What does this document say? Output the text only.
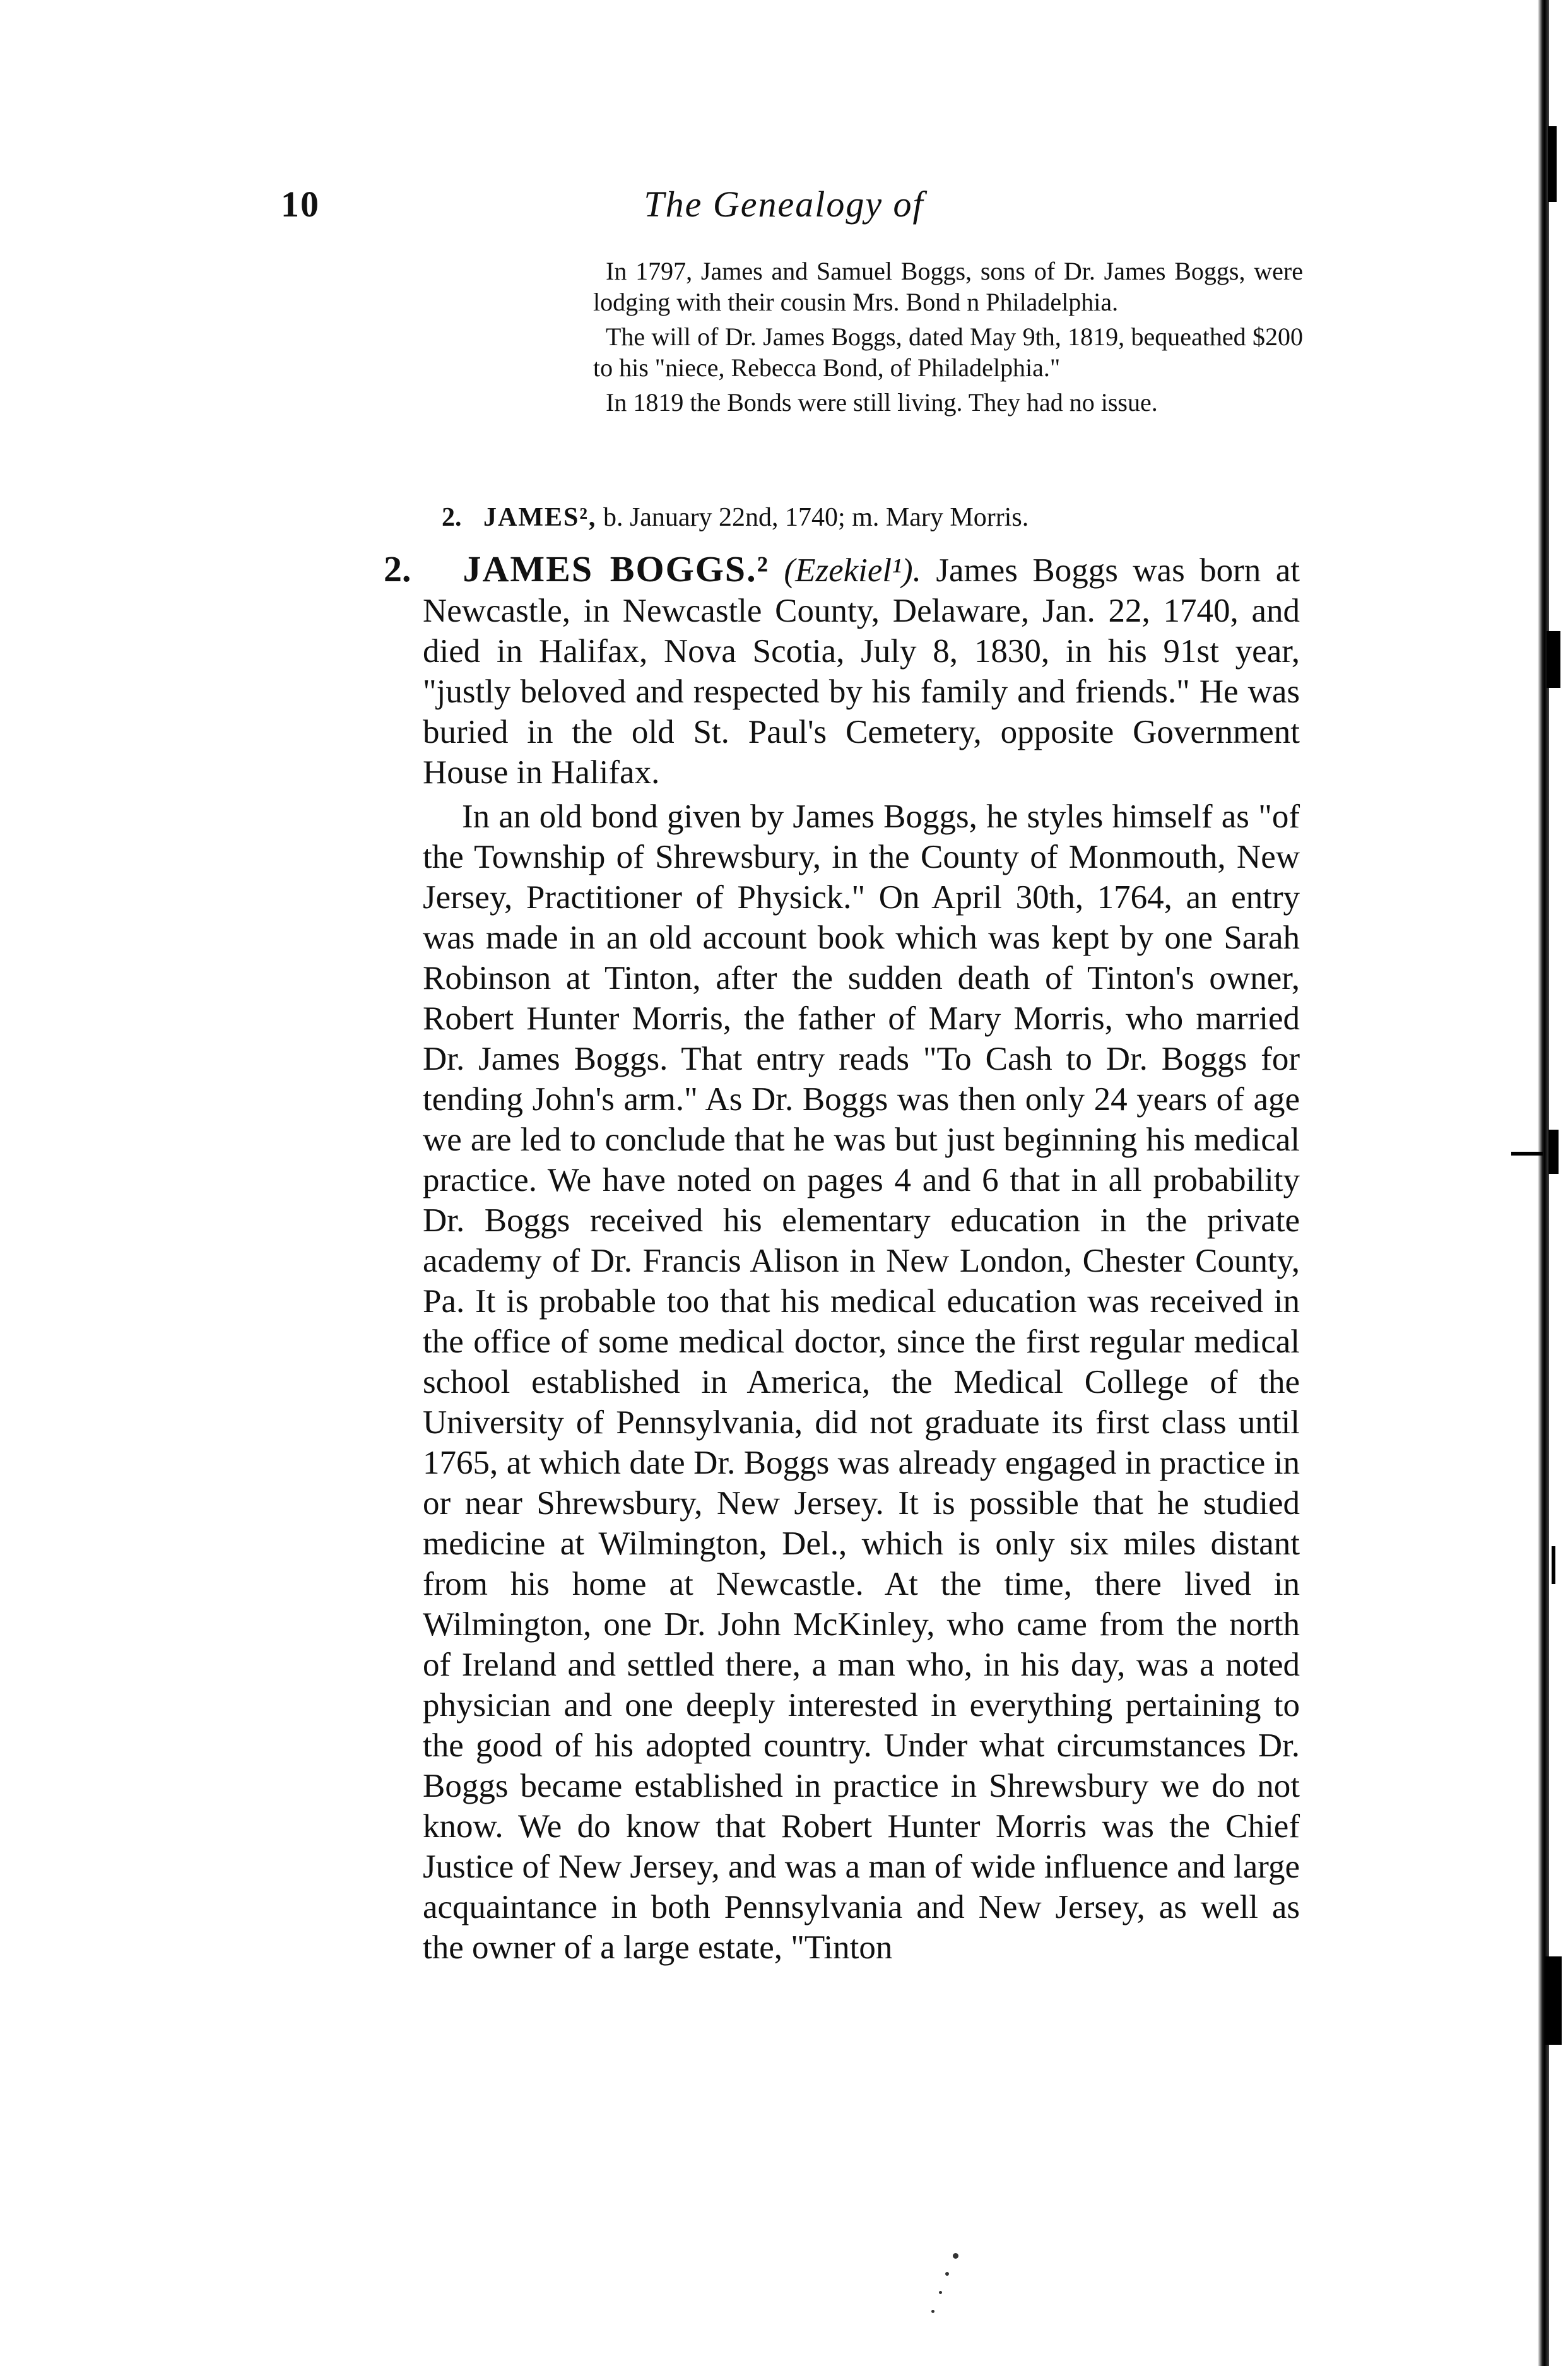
10	The Genealogy of

In 1797, James and Samuel Boggs, sons of Dr. James Boggs, were lodging with their cousin Mrs. Bond n Philadelphia.

The will of Dr. James Boggs, dated May 9th, 1819, bequeathed $200 to his "niece, Rebecca Bond, of Philadelphia."

In 1819 the Bonds were still living. They had no issue.

2. JAMES², b. January 22nd, 1740; m. Mary Morris.

2. JAMES BOGGS.² (Ezekiel¹). James Boggs was born at Newcastle, in Newcastle County, Delaware, Jan. 22, 1740, and died in Halifax, Nova Scotia, July 8, 1830, in his 91st year, "justly beloved and respected by his family and friends." He was buried in the old St. Paul's Cemetery, opposite Government House in Halifax.

In an old bond given by James Boggs, he styles himself as "of the Township of Shrewsbury, in the County of Monmouth, New Jersey, Practitioner of Physick." On April 30th, 1764, an entry was made in an old account book which was kept by one Sarah Robinson at Tinton, after the sudden death of Tinton's owner, Robert Hunter Morris, the father of Mary Morris, who married Dr. James Boggs. That entry reads "To Cash to Dr. Boggs for tending John's arm." As Dr. Boggs was then only 24 years of age we are led to conclude that he was but just beginning his medical practice. We have noted on pages 4 and 6 that in all probability Dr. Boggs received his elementary education in the private academy of Dr. Francis Alison in New London, Chester County, Pa. It is probable too that his medical education was received in the office of some medical doctor, since the first regular medical school established in America, the Medical College of the University of Pennsylvania, did not graduate its first class until 1765, at which date Dr. Boggs was already engaged in practice in or near Shrewsbury, New Jersey. It is possible that he studied medicine at Wilmington, Del., which is only six miles distant from his home at Newcastle. At the time, there lived in Wilmington, one Dr. John McKinley, who came from the north of Ireland and settled there, a man who, in his day, was a noted physician and one deeply interested in everything pertaining to the good of his adopted country. Under what circumstances Dr. Boggs became established in practice in Shrewsbury we do not know. We do know that Robert Hunter Morris was the Chief Justice of New Jersey, and was a man of wide influence and large acquaintance in both Pennsylvania and New Jersey, as well as the owner of a large estate, "Tinton
